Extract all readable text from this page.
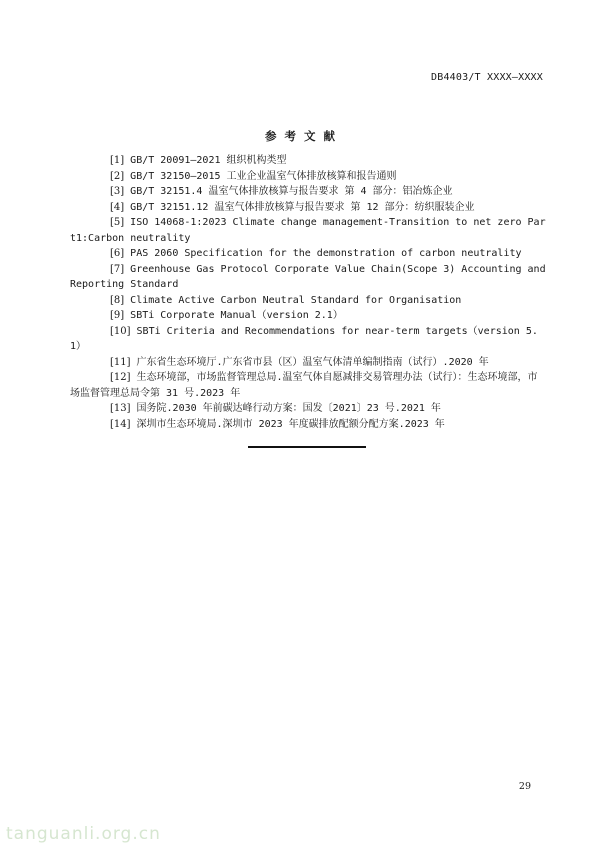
DB4403/T XXXX—XXXX
参考文献
[1] GB/T 20091—2021 组织机构类型
[2] GB/T 32150—2015 工业企业温室气体排放核算和报告通则
[3] GB/T 32151.4 温室气体排放核算与报告要求 第 4 部分：铝冶炼企业
[4] GB/T 32151.12 温室气体排放核算与报告要求 第 12 部分：纺织服装企业
[5] ISO 14068-1:2023 Climate change management-Transition to net zero Part1:Carbon neutrality
[6] PAS 2060 Specification for the demonstration of carbon neutrality
[7] Greenhouse Gas Protocol Corporate Value Chain(Scope 3) Accounting and Reporting Standard
[8] Climate Active Carbon Neutral Standard for Organisation
[9] SBTi Corporate Manual（version 2.1）
[10] SBTi Criteria and Recommendations for near-term targets（version 5.1）
[11] 广东省生态环境厅.广东省市县（区）温室气体清单编制指南（试行）.2020 年
[12] 生态环境部，市场监督管理总局.温室气体自愿减排交易管理办法（试行）：生态环境部，市场监督管理总局令第 31 号.2023 年
[13] 国务院.2030 年前碳达峰行动方案：国发〔2021〕23 号.2021 年
[14] 深圳市生态环境局.深圳市 2023 年度碳排放配额分配方案.2023 年
29
tanguanli.org.cn
